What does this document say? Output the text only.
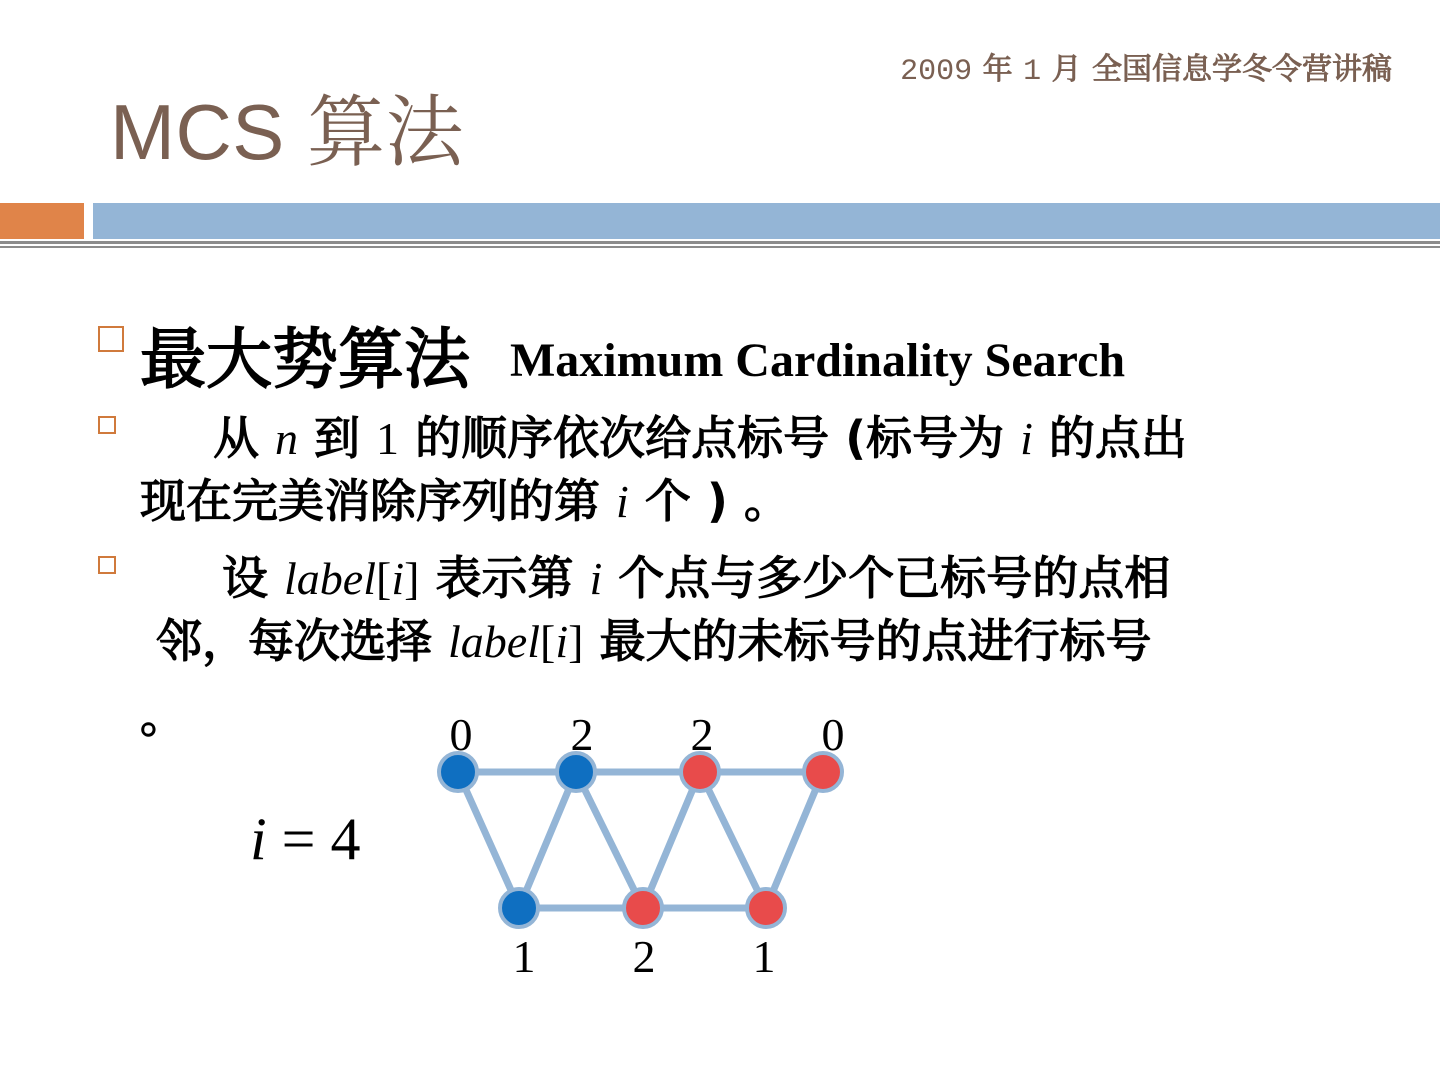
2009 年 1 月 全国信息学冬令营讲稿
MCS 算法
最大势算法 Maximum Cardinality Search
从 n 到 1 的顺序依次给点标号 (标号为 i 的点出
现在完美消除序列的第 i 个 ) 。
设 label[i] 表示第 i 个点与多少个已标号的点相
邻，每次选择 label[i] 最大的未标号的点进行标号
。
i = 4
0 2 2 0
1 2 1
